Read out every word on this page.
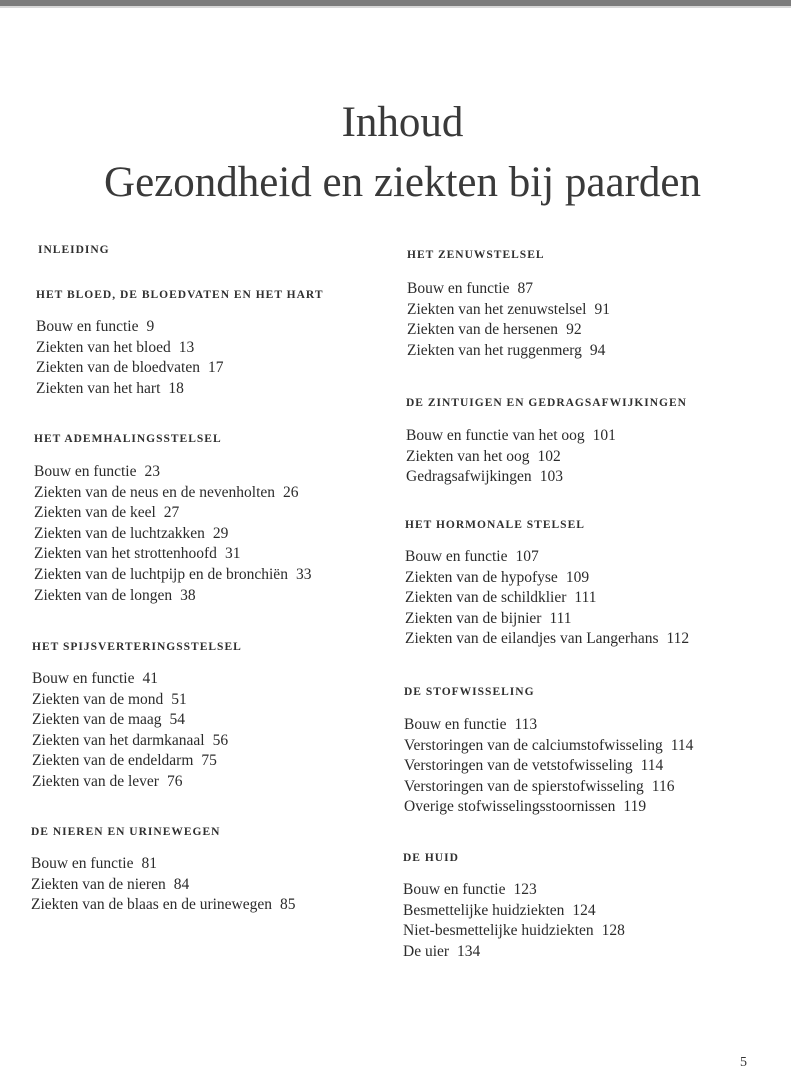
Inhoud
Gezondheid en ziekten bij paarden
INLEIDING
HET BLOED, DE BLOEDVATEN EN HET HART
Bouw en functie 9
Ziekten van het bloed 13
Ziekten van de bloedvaten 17
Ziekten van het hart 18
HET ADEMHALINGSSTELSEL
Bouw en functie 23
Ziekten van de neus en de nevenholten 26
Ziekten van de keel 27
Ziekten van de luchtzakken 29
Ziekten van het strottenhoofd 31
Ziekten van de luchtpijp en de bronchiën 33
Ziekten van de longen 38
HET SPIJSVERTERINGSSTELSEL
Bouw en functie 41
Ziekten van de mond 51
Ziekten van de maag 54
Ziekten van het darmkanaal 56
Ziekten van de endeldarm 75
Ziekten van de lever 76
DE NIEREN EN URINEWEGEN
Bouw en functie 81
Ziekten van de nieren 84
Ziekten van de blaas en de urinewegen 85
HET ZENUWSTELSEL
Bouw en functie 87
Ziekten van het zenuwstelsel 91
Ziekten van de hersenen 92
Ziekten van het ruggenmerg 94
DE ZINTUIGEN EN GEDRAGSAFWIJKINGEN
Bouw en functie van het oog 101
Ziekten van het oog 102
Gedragsafwijkingen 103
HET HORMONALE STELSEL
Bouw en functie 107
Ziekten van de hypofyse 109
Ziekten van de schildklier 111
Ziekten van de bijnier 111
Ziekten van de eilandjes van Langerhans 112
DE STOFWISSELING
Bouw en functie 113
Verstoringen van de calciumstofwisseling 114
Verstoringen van de vetstofwisseling 114
Verstoringen van de spierstofwisseling 116
Overige stofwisselingsstoornissen 119
DE HUID
Bouw en functie 123
Besmettelijke huidziekten 124
Niet-besmettelijke huidziekten 128
De uier 134
5
